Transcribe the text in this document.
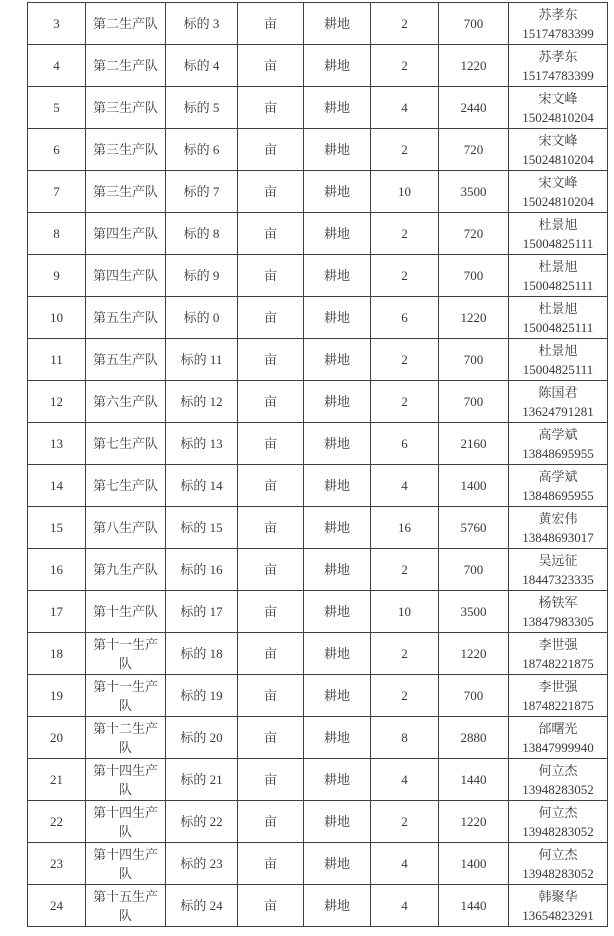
3	第二生产队	标的 3	亩	耕地	2	700	苏孝东
15174783399

4	第二生产队	标的 4	亩	耕地	2	1220	苏孝东
15174783399

5	第三生产队	标的 5	亩	耕地	4	2440	宋文峰
15024810204

6	第三生产队	标的 6	亩	耕地	2	720	宋文峰
15024810204

7	第三生产队	标的 7	亩	耕地	10	3500	宋文峰
15024810204

8	第四生产队	标的 8	亩	耕地	2	720	杜景旭
15004825111

9	第四生产队	标的 9	亩	耕地	2	700	杜景旭
15004825111

10	第五生产队	标的 0	亩	耕地	6	1220	杜景旭
15004825111

11	第五生产队	标的 11	亩	耕地	2	700	杜景旭
15004825111

12	第六生产队	标的 12	亩	耕地	2	700	陈国君
13624791281

13	第七生产队	标的 13	亩	耕地	6	2160	高学斌
13848695955

14	第七生产队	标的 14	亩	耕地	4	1400	高学斌
13848695955

15	第八生产队	标的 15	亩	耕地	16	5760	黄宏伟
13848693017

16	第九生产队	标的 16	亩	耕地	2	700	吴远征
18447323335

17	第十生产队	标的 17	亩	耕地	10	3500	杨铁军
13847983305

18	第十一生产队	标的 18	亩	耕地	2	1220	李世强
18748221875

19	第十一生产队	标的 19	亩	耕地	2	700	李世强
18748221875

20	第十二生产队	标的 20	亩	耕地	8	2880	邰曙光
13847999940

21	第十四生产队	标的 21	亩	耕地	4	1440	何立杰
13948283052

22	第十四生产队	标的 22	亩	耕地	2	1220	何立杰
13948283052

23	第十四生产队	标的 23	亩	耕地	4	1400	何立杰
13948283052

24	第十五生产队	标的 24	亩	耕地	4	1440	韩聚华
13654823291
